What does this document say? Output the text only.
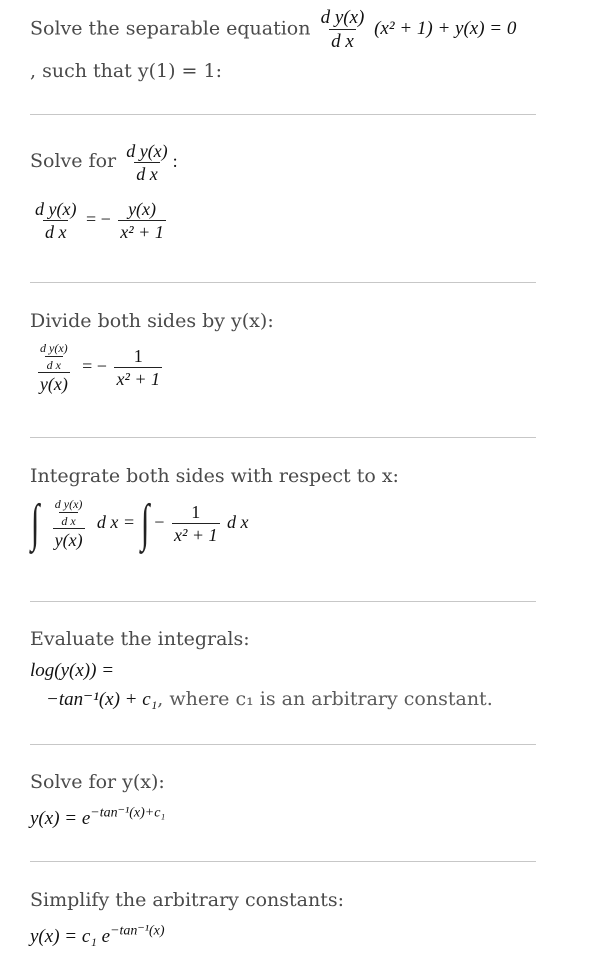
Solve the separable equation $\frac{\text{d y(x)}}{\text{d x}} (x^2 + 1) + y(x) = 0$
, such that y(1) = 1:
Solve for $\frac{\text{d y(x)}}{\text{d x}}$ :
$\frac{\text{d y(x)}}{\text{d x}}$ = − $\frac{y(x)}{\text{x² + 1}}$
Divide both sides by y(x):
$\frac{\frac{\text{d y(x)}}{\text{d x}}}{y(x)}$ = − $\frac{1}{\text{x² + 1}}$
Integrate both sides with respect to x:
∫ $\frac{\frac{\text{d y(x)}}{\text{d x}}}{y(x)}$ d x = ∫ − $\frac{1}{\text{x² + 1}}$ d x
Evaluate the integrals:
log(y(x)) =
−tan⁻¹(x) + c₁, where c₁ is an arbitrary constant.
Solve for y(x):
$y(x) = e^{-tan^{-1}(x)+c_1}$
Simplify the arbitrary constants:
y(x) = c₁ $e^{-tan^{-1}(x)}$
